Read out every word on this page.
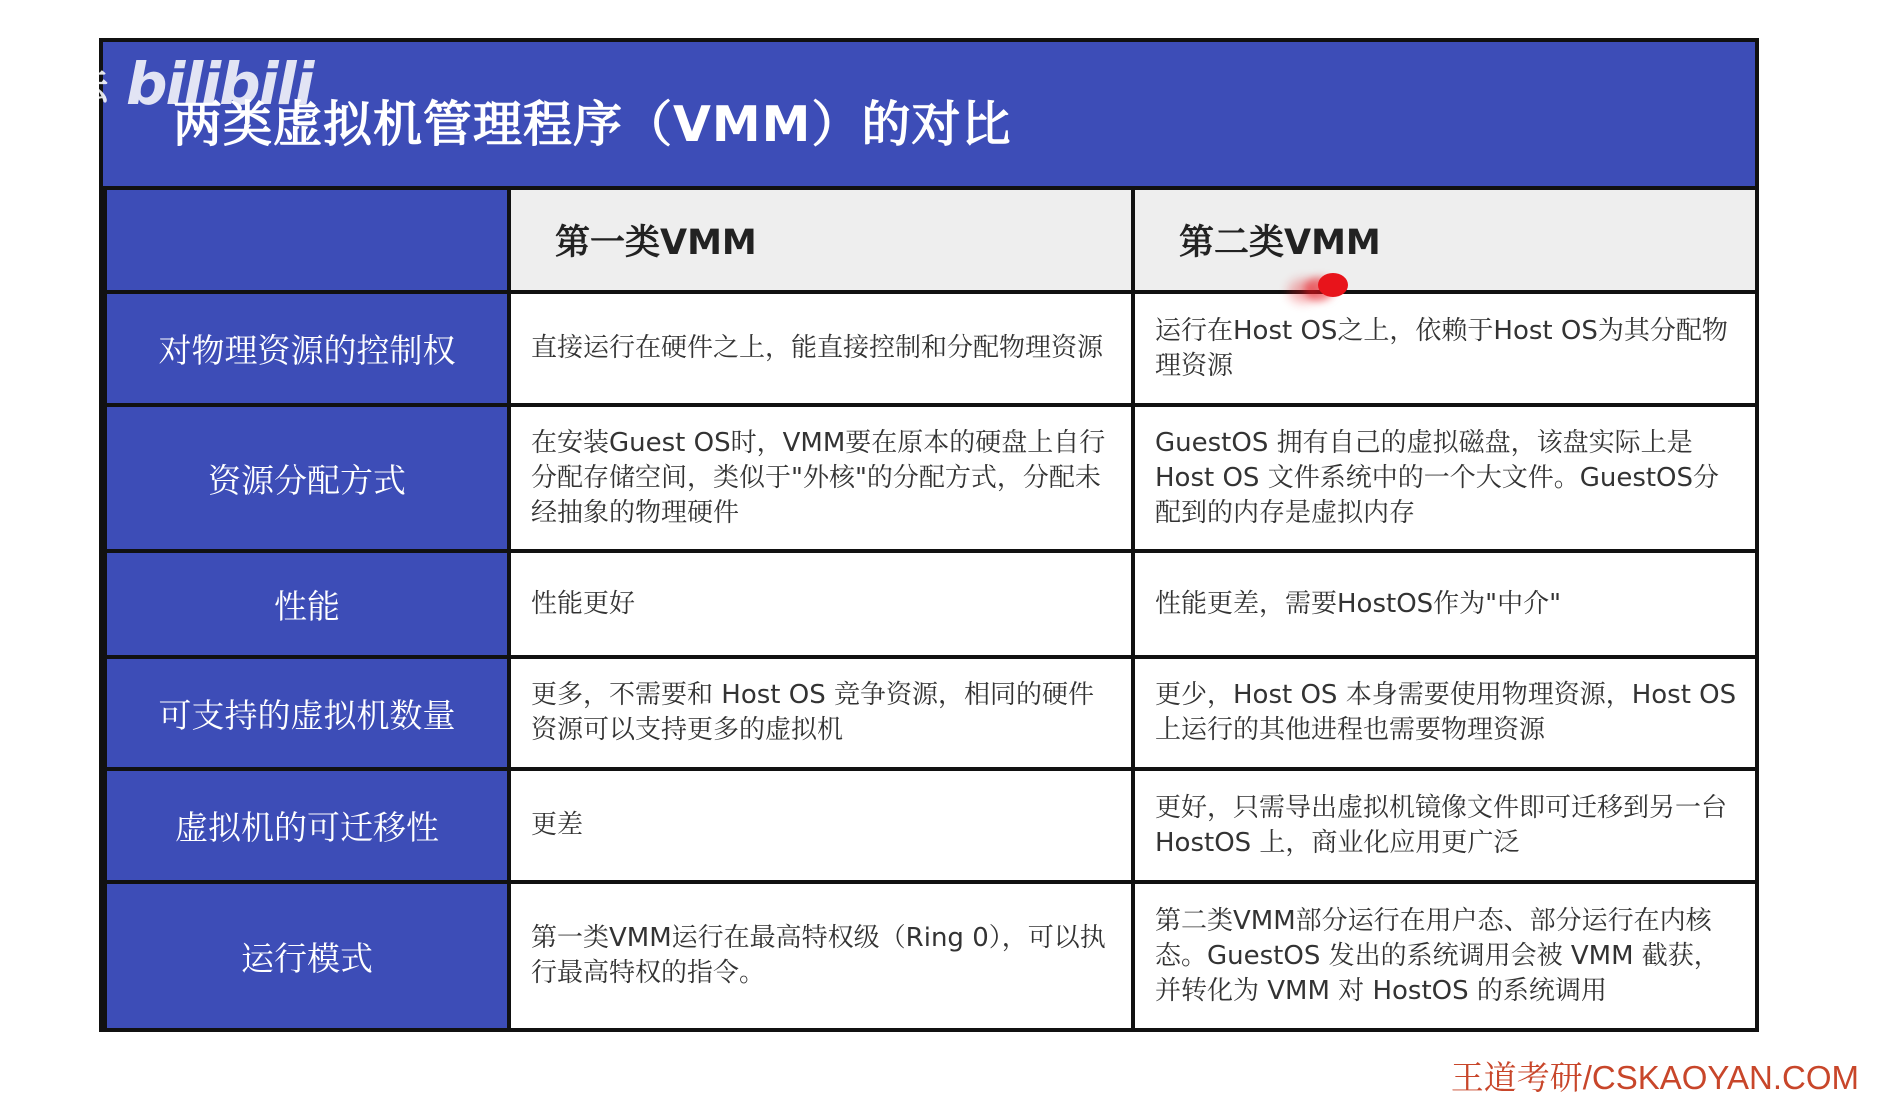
两类虚拟机管理程序（VMM）的对比
	第一类VMM	第二类VMM
对物理资源的控制权	直接运行在硬件之上，能直接控制和分配物理资源	运行在Host OS之上，依赖于Host OS为其分配物理资源
资源分配方式	在安装Guest OS时，VMM要在原本的硬盘上自行分配存储空间，类似于"外核"的分配方式，分配未经抽象的物理硬件	GuestOS 拥有自己的虚拟磁盘，该盘实际上是 Host OS 文件系统中的一个大文件。GuestOS分配到的内存是虚拟内存
性能	性能更好	性能更差，需要HostOS作为"中介"
可支持的虚拟机数量	更多，不需要和 Host OS 竞争资源，相同的硬件资源可以支持更多的虚拟机	更少，Host OS 本身需要使用物理资源，Host OS 上运行的其他进程也需要物理资源
虚拟机的可迁移性	更差	更好，只需导出虚拟机镜像文件即可迁移到另一台 HostOS 上，商业化应用更广泛
运行模式	第一类VMM运行在最高特权级（Ring 0），可以执行最高特权的指令。	第二类VMM部分运行在用户态、部分运行在内核态。GuestOS 发出的系统调用会被 VMM 截获，并转化为 VMM 对 HostOS 的系统调用
管论坛 bilibili
王道考研/CSKAOYAN.COM
